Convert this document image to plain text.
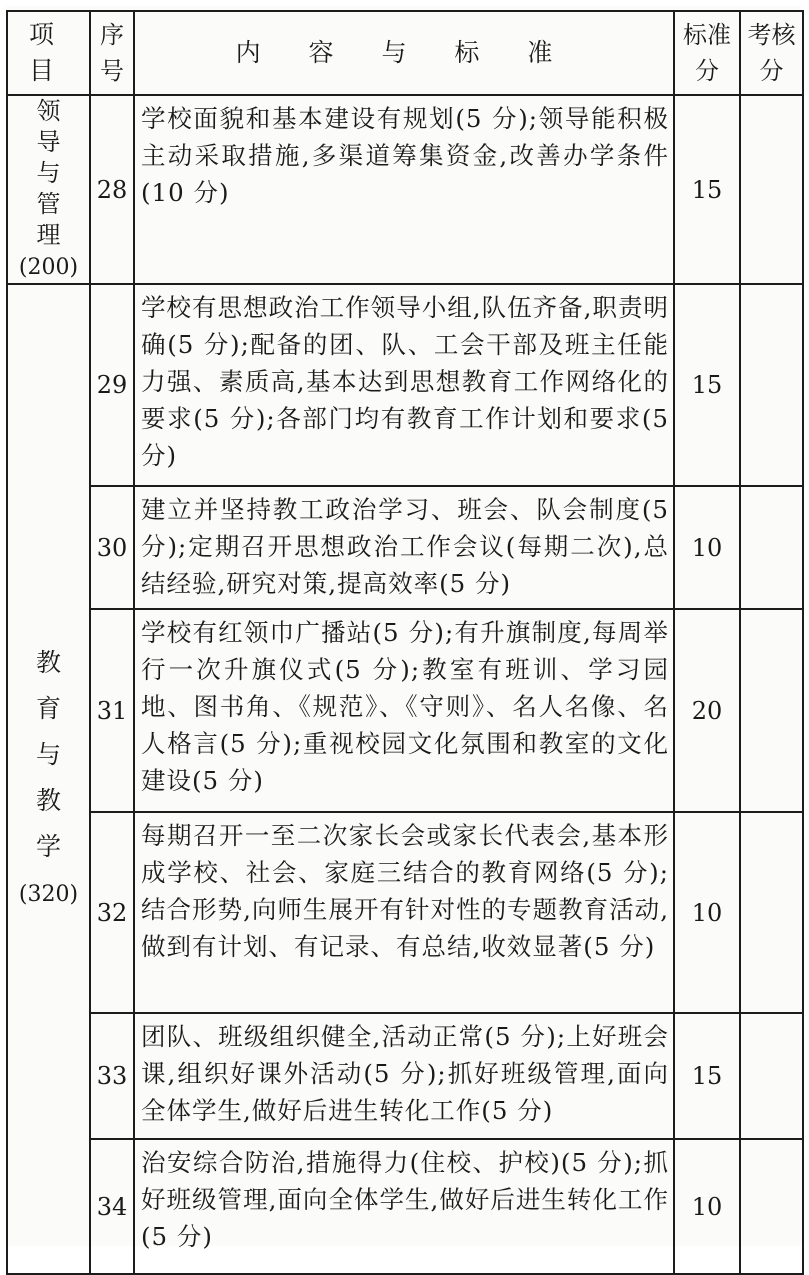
项 目	序号	内 容 与 标 准	标准分	考核分
领导与管理
(200)	28	学校面貌和基本建设有规划(5 分);领导能积极主动采取措施,多渠道筹集资金,改善办学条件(10 分)	15	
教育与教学
(320)	29	学校有思想政治工作领导小组,队伍齐备,职责明确(5 分);配备的团、队、工会干部及班主任能力强、素质高,基本达到思想教育工作网络化的要求(5 分);各部门均有教育工作计划和要求(5 分)	15	
	30	建立并坚持教工政治学习、班会、队会制度(5 分);定期召开思想政治工作会议(每期二次),总结经验,研究对策,提高效率(5 分)	10	
	31	学校有红领巾广播站(5 分);有升旗制度,每周举行一次升旗仪式(5 分);教室有班训、学习园地、图书角、《规范》、《守则》、名人名像、名人格言(5 分);重视校园文化氛围和教室的文化建设(5 分)	20	
	32	每期召开一至二次家长会或家长代表会,基本形成学校、社会、家庭三结合的教育网络(5 分);结合形势,向师生展开有针对性的专题教育活动,做到有计划、有记录、有总结,收效显著(5 分)	10	
	33	团队、班级组织健全,活动正常(5 分);上好班会课,组织好课外活动(5 分);抓好班级管理,面向全体学生,做好后进生转化工作(5 分)	15	
	34	治安综合防治,措施得力(住校、护校)(5 分);抓好班级管理,面向全体学生,做好后进生转化工作(5 分)	10	
